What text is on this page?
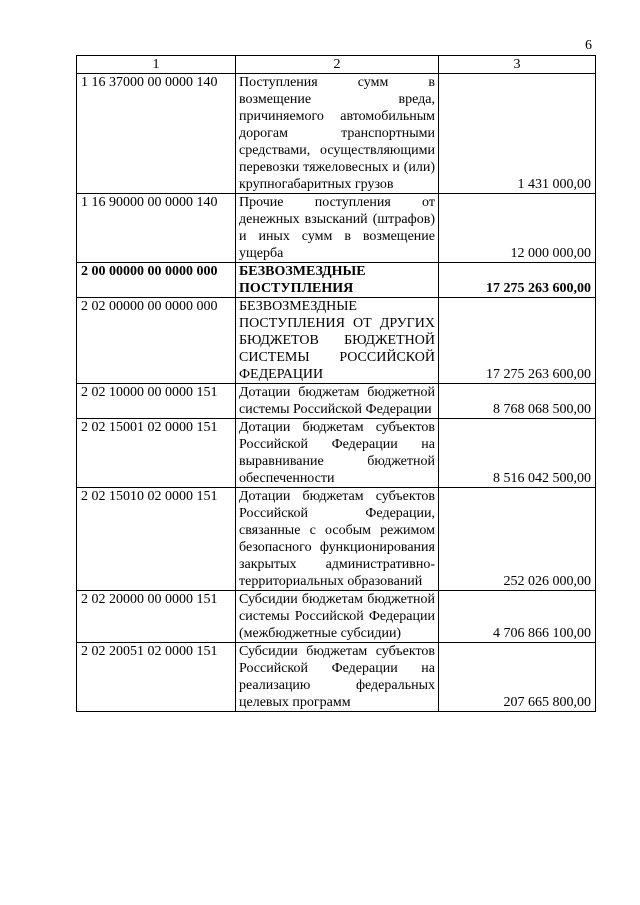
6
1	2	3
1 16 37000 00 0000 140	Поступления сумм в возмещение вреда, причиняемого автомобильным дорогам транспортными средствами, осуществляющими перевозки тяжеловесных и (или) крупногабаритных грузов	1 431 000,00
1 16 90000 00 0000 140	Прочие поступления от денежных взысканий (штрафов) и иных сумм в возмещение ущерба	12 000 000,00
2 00 00000 00 0000 000	БЕЗВОЗМЕЗДНЫЕ ПОСТУПЛЕНИЯ	17 275 263 600,00
2 02 00000 00 0000 000	БЕЗВОЗМЕЗДНЫЕ ПОСТУПЛЕНИЯ ОТ ДРУГИХ БЮДЖЕТОВ БЮДЖЕТНОЙ СИСТЕМЫ РОССИЙСКОЙ ФЕДЕРАЦИИ	17 275 263 600,00
2 02 10000 00 0000 151	Дотации бюджетам бюджетной системы Российской Федерации	8 768 068 500,00
2 02 15001 02 0000 151	Дотации бюджетам субъектов Российской Федерации на выравнивание бюджетной обеспеченности	8 516 042 500,00
2 02 15010 02 0000 151	Дотации бюджетам субъектов Российской Федерации, связанные с особым режимом безопасного функционирования закрытых административно-территориальных образований	252 026 000,00
2 02 20000 00 0000 151	Субсидии бюджетам бюджетной системы Российской Федерации (межбюджетные субсидии)	4 706 866 100,00
2 02 20051 02 0000 151	Субсидии бюджетам субъектов Российской Федерации на реализацию федеральных целевых программ	207 665 800,00
